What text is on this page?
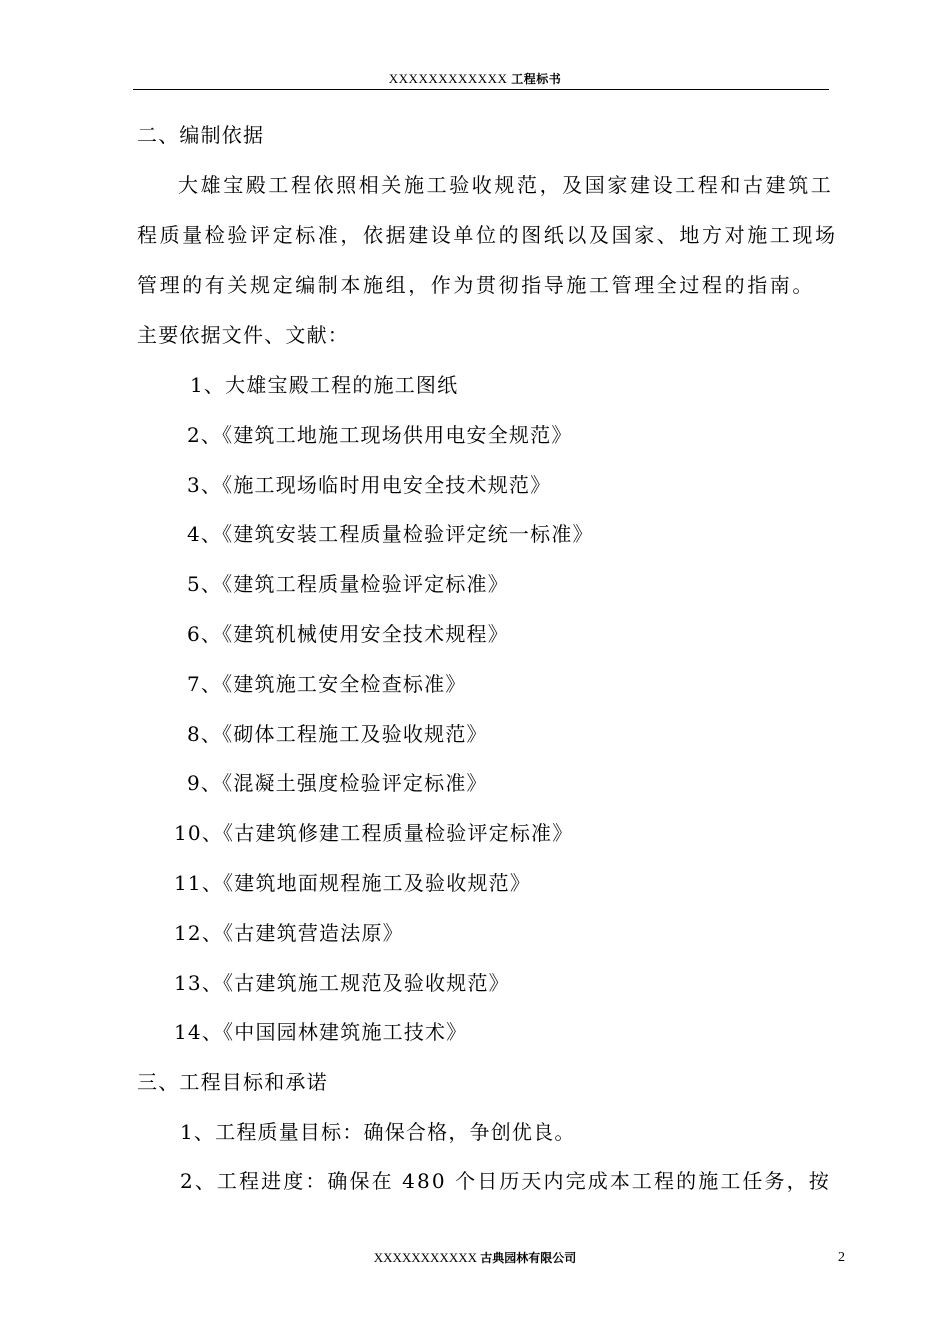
XXXXXXXXXXXX 工程标书
二、编制依据
大雄宝殿工程依照相关施工验收规范，及国家建设工程和古建筑工
程质量检验评定标准，依据建设单位的图纸以及国家、地方对施工现场
管理的有关规定编制本施组，作为贯彻指导施工管理全过程的指南。
主要依据文件、文献：
1、大雄宝殿工程的施工图纸
2、《建筑工地施工现场供用电安全规范》
3、《施工现场临时用电安全技术规范》
4、《建筑安装工程质量检验评定统一标准》
5、《建筑工程质量检验评定标准》
6、《建筑机械使用安全技术规程》
7、《建筑施工安全检查标准》
8、《砌体工程施工及验收规范》
9、《混凝土强度检验评定标准》
10、《古建筑修建工程质量检验评定标准》
11、《建筑地面规程施工及验收规范》
12、《古建筑营造法原》
13、《古建筑施工规范及验收规范》
14、《中国园林建筑施工技术》
三、工程目标和承诺
1、工程质量目标：确保合格，争创优良。
2、工程进度：确保在 480 个日历天内完成本工程的施工任务，按
XXXXXXXXXXX 古典园林有限公司	2
